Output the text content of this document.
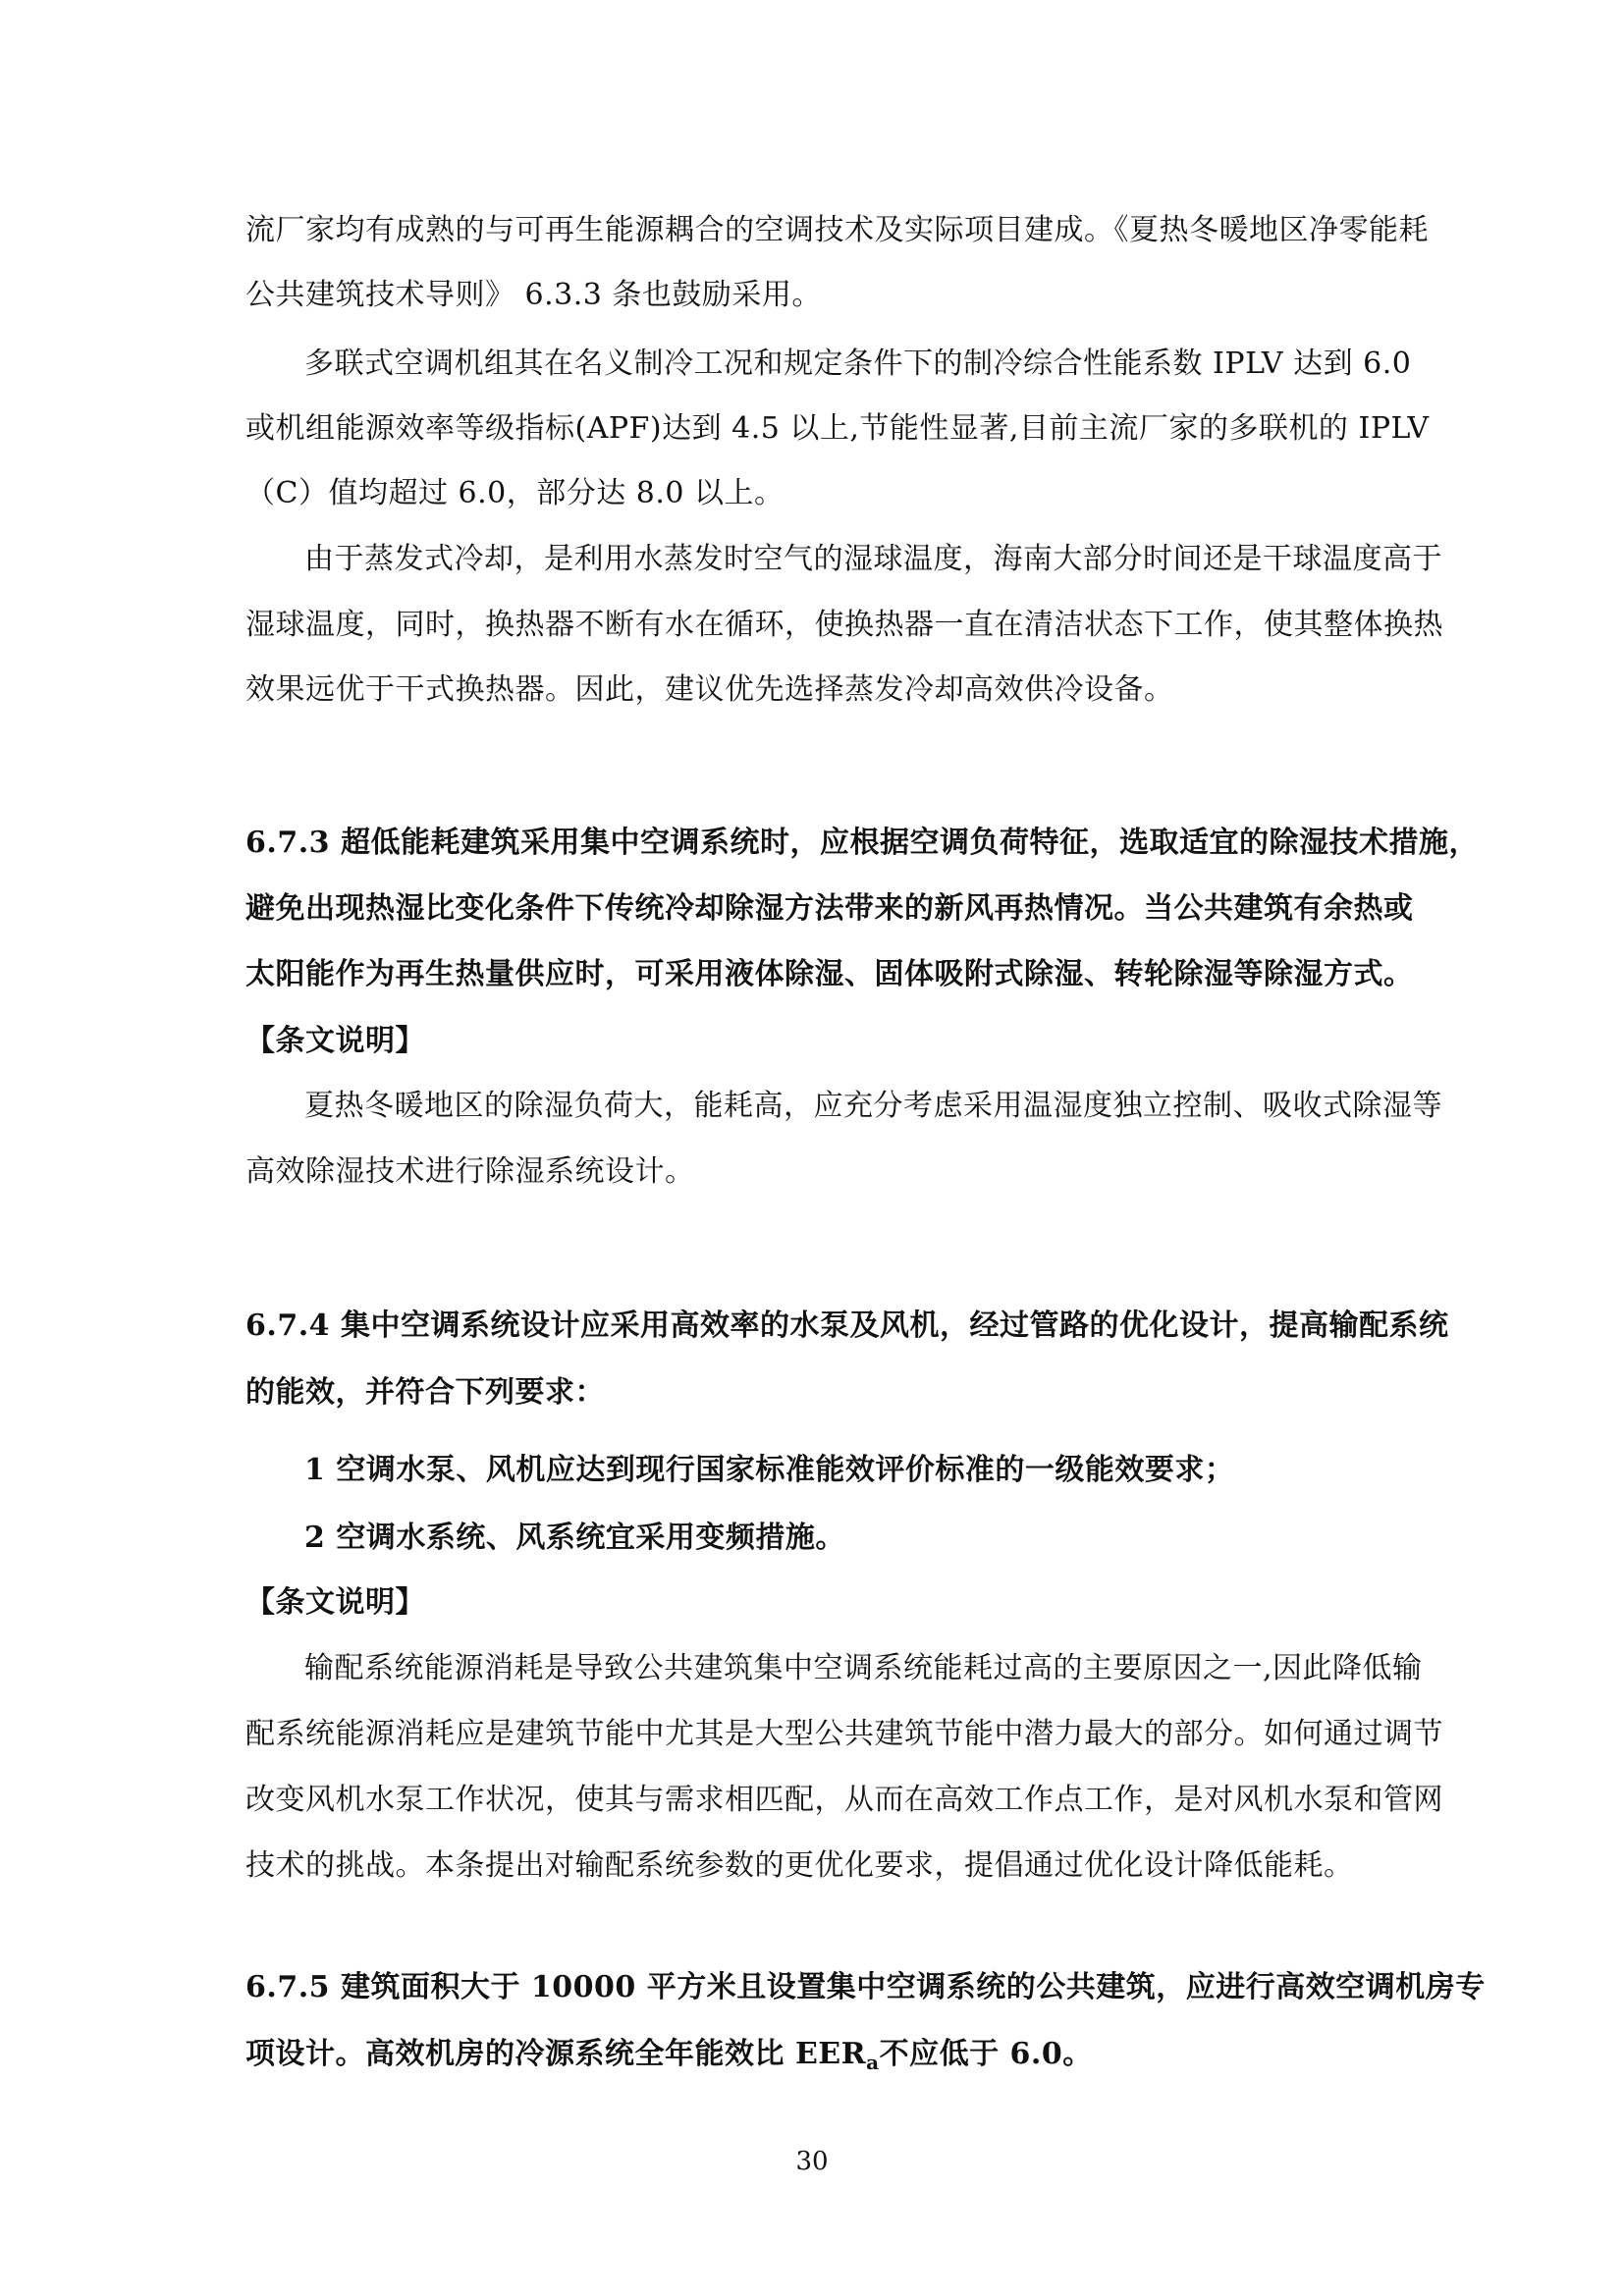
流厂家均有成熟的与可再生能源耦合的空调技术及实际项目建成。《夏热冬暖地区净零能耗
公共建筑技术导则》 6.3.3 条也鼓励采用。
多联式空调机组其在名义制冷工况和规定条件下的制冷综合性能系数 IPLV 达到 6.0
或机组能源效率等级指标(APF)达到 4.5 以上,节能性显著,目前主流厂家的多联机的 IPLV
（C）值均超过 6.0，部分达 8.0 以上。
由于蒸发式冷却，是利用水蒸发时空气的湿球温度，海南大部分时间还是干球温度高于
湿球温度，同时，换热器不断有水在循环，使换热器一直在清洁状态下工作，使其整体换热
效果远优于干式换热器。因此，建议优先选择蒸发冷却高效供冷设备。
6.7.3 超低能耗建筑采用集中空调系统时，应根据空调负荷特征，选取适宜的除湿技术措施，
避免出现热湿比变化条件下传统冷却除湿方法带来的新风再热情况。当公共建筑有余热或
太阳能作为再生热量供应时，可采用液体除湿、固体吸附式除湿、转轮除湿等除湿方式。
【条文说明】
夏热冬暖地区的除湿负荷大，能耗高，应充分考虑采用温湿度独立控制、吸收式除湿等
高效除湿技术进行除湿系统设计。
6.7.4 集中空调系统设计应采用高效率的水泵及风机，经过管路的优化设计，提高输配系统
的能效，并符合下列要求：
1 空调水泵、风机应达到现行国家标准能效评价标准的一级能效要求；
2 空调水系统、风系统宜采用变频措施。
【条文说明】
输配系统能源消耗是导致公共建筑集中空调系统能耗过高的主要原因之一,因此降低输
配系统能源消耗应是建筑节能中尤其是大型公共建筑节能中潜力最大的部分。如何通过调节
改变风机水泵工作状况，使其与需求相匹配，从而在高效工作点工作，是对风机水泵和管网
技术的挑战。本条提出对输配系统参数的更优化要求，提倡通过优化设计降低能耗。
6.7.5 建筑面积大于 10000 平方米且设置集中空调系统的公共建筑，应进行高效空调机房专
项设计。高效机房的冷源系统全年能效比 $EER_a$不应低于 6.0。
30
